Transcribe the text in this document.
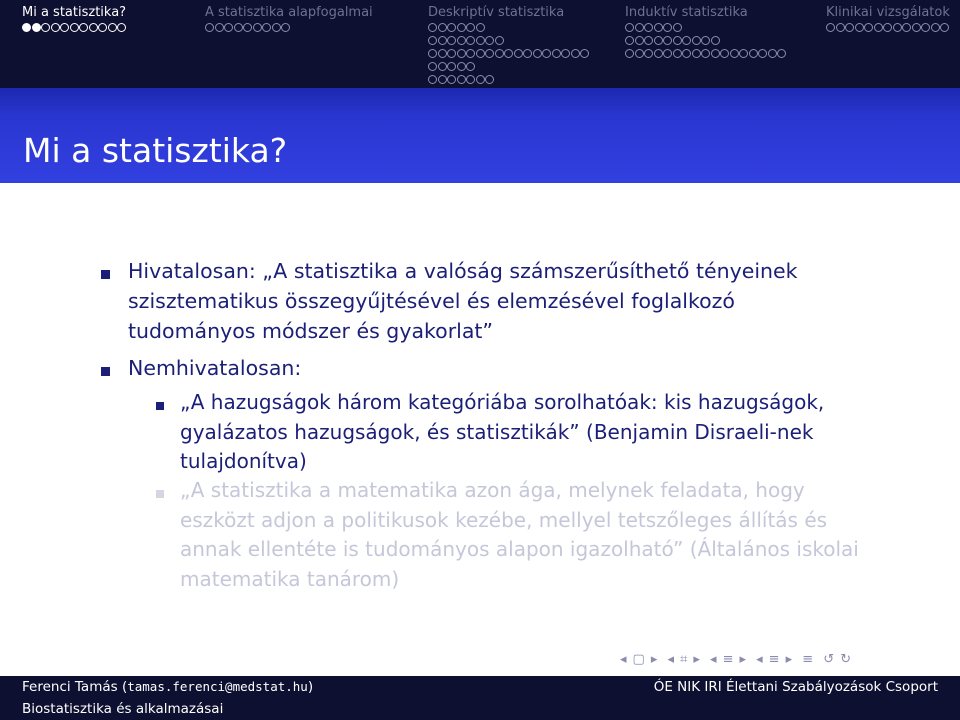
Mi a statisztika?	A statisztika alapfogalmai	Deskriptív statisztika	Induktív statisztika	Klinikai vizsgálatok
Mi a statisztika?
Hivatalosan: „A statisztika a valóság számszerűsíthető tényeinek
szisztematikus összegyűjtésével és elemzésével foglalkozó
tudományos módszer és gyakorlat”
Nemhivatalosan:
„A hazugságok három kategóriába sorolhatóak: kis hazugságok,
gyalázatos hazugságok, és statisztikák” (Benjamin Disraeli-nek
tulajdonítva)
„A statisztika a matematika azon ága, melynek feladata, hogy
eszközt adjon a politikusok kezébe, mellyel tetszőleges állítás és
annak ellentéte is tudományos alapon igazolható” (Általános iskolai
matematika tanárom)
◂ ▢ ▸ ◂ ⌗ ▸ ◂ ≡ ▸ ◂ ≡ ▸ ≡ ↺ ↻
Ferenci Tamás (tamas.ferenci@medstat.hu)	ÓE NIK IRI Élettani Szabályozások Csoport
Biostatisztika és alkalmazásai
